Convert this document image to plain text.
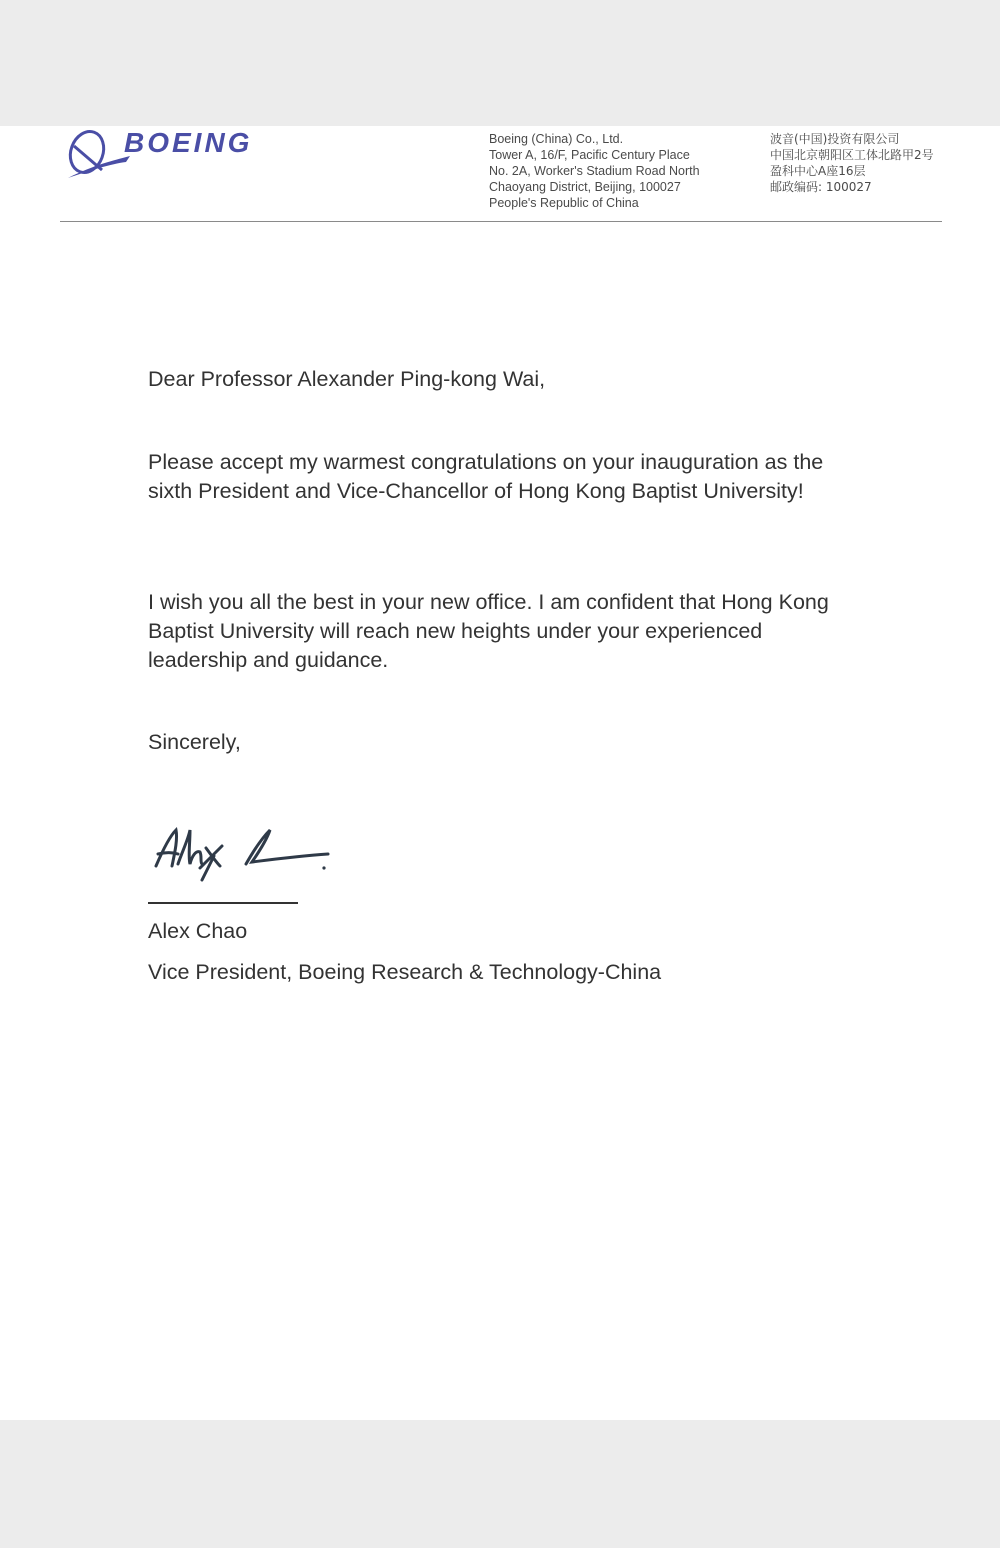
BOEING	Boeing (China) Co., Ltd.
Tower A, 16/F, Pacific Century Place
No. 2A, Worker's Stadium Road North
Chaoyang District, Beijing, 100027
People's Republic of China
波音(中国)投资有限公司
中国北京朝阳区工体北路甲2号
盈科中心A座16层
邮政编码: 100027
Dear Professor Alexander Ping-kong Wai,
Please accept my warmest congratulations on your inauguration as the sixth President and Vice-Chancellor of Hong Kong Baptist University!
I wish you all the best in your new office. I am confident that Hong Kong Baptist University will reach new heights under your experienced leadership and guidance.
Sincerely,
Alex Chao
Vice President, Boeing Research & Technology-China
